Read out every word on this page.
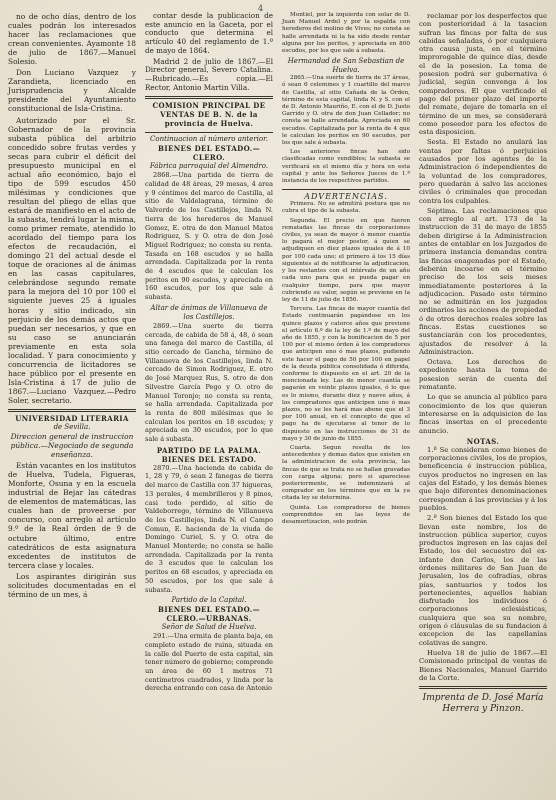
4

no de ocho días, dentro de los cuales podrán los interesados hacer las reclamaciones que crean convenientes. Ayamonte 18 de julio de 1867.—Manuel Solesio.

Don Luciano Vazquez y Zarandieta, licenciado en Jurisprudencia y Alcalde presidente del Ayuntamiento constitucional de Isla-Cristina.

Autorizado por el Sr. Gobernador de la provincia subasta pública del arbitrio concedido sobre frutas verdes y secas para cubrir el déficit del presupuesto municipal en el actual año económico, bajo el tipo de 599 escudos 450 milésimas y condiciones que resultan del pliego de ellas que estará de manifiesto en el acto de la subasta, tendrá lugar la misma, como primer remate, atendido lo acordado del tiempo para los efectos de recaudación, el domingo 21 del actual desde el toque de oraciones al de ánimas en las casas capitulares, celebrándose segundo remate para la mejora del 10 por 100 el siguiente jueves 25 á iguales horas y sitio indicado, sin perjuicio de los demás actos que puedan ser necesarios, y que en su caso se anunciarán previamente en esta sola localidad. Y para conocimiento y concurrencia de licitadores se hace público por el presente en Isla-Cristina á 17 de julio de 1867.—Luciano Vazquez.—Pedro Soler, secretario.

UNIVERSIDAD LITERARIA
de Sevilla.

Direccion general de instruccion pública.—Negociado de segunda enseñanza.

Están vacantes en los institutos de Huelva, Tudela, Figueras, Monforte, Osuna y en la escuela industrial de Bejar las cátedras de elementos de matemáticas, las cuales han de proveerse por concurso, con arreglo al artículo 9.º de la Real órden de 9 de octubre último, entre catedráticos de esta asignatura excedentes de institutos de tercera clase y locales.

Los aspirantes dirigirán sus solicitudes documentadas en el término de un mes, á

contar desde la publicacion de este anuncio en la Gaceta, por el conducto que determina el artículo 40 del reglamento de 1.º de mayo de 1864.

Madrid 2 de julio de 1867.—El Director general, Severo Catalina.—Rubricado.—Es copia.—El Rector, Antonio Martin Villa.

COMISION PRINCIPAL DE VENTAS DE B. N. de la provincia de Huelva.
Continuacion al número anterior.
BIENES DEL ESTADO.—CLERO.
Fábrica parroquial del Almendro.

2868.—Una partida de tierra de calidad de 48 áreas, 29 mesas, 4 area y 9 céntimos del marco de Castilla, al sitio de Valdelagrana, término de Valverde de los Castillejos, linda N. tierra de los herederos de Manuel Gomez, E. otra de don Manuel Matos Rodriguez, S. y O. otra de don José Miguel Rodriguez; no consta su renta. Tasada en 168 escudos y se halla arrendada. Capitalizada por la renta de 4 escudos que le calculan los peritos en 90 escudos, y apreciada en 160 escudos, por los que sale á subasta.

Altar de ánimas de Villanueva de los Castillejos.

2869.—Una suerte de tierra cercada, de cabida de 58 á, 48, ó sean una fanega del marco de Castilla, al sitio cercado de Gancha, término de Villanueva de los Castillejos, linda N. cercado de Simon Rodriguez, E. otro de José Marquez Rus, S. otro de don Silvestre García Pego y O. otro de Manuel Toronjo; no consta su renta, se halla arrendada. Capitalizada por la renta de 800 milésimas que le calculan los peritos en 18 escudos; y apreciada en 30 escudos, por lo que sale á subasta.

PARTIDO DE LA PALMA.
BIENES DEL ESTADO.

2870.—Una hacienda de cabida de 1, 28 y 79, ó sean 2 fanegas de tierra del marco de Castilla con 37 higueras, 13 perales, 4 membrilleros y 8 pinos, casi todo perdido, al sitio de Valdeborrego, término de Villanueva de los Castillejos, linda N. el Campo Comun, E. hacienda de la viuda de Domingo Curiel, S. y O. otra de Manuel Monterde; no consta se halle arrendada. Capitalizada por la renta de 3 escudos que le calculan los peritos en 68 escudos, y apreciada en 50 escudos, por los que sale á subasta.

Partido de la Capital.
BIENES DEL ESTADO.—CLERO.—URBANAS.
Señor de Salud de Huelva.

291.—Una ermita de planta baja, en completo estado de ruina, situada en la calle del Puerto de esta capital, sin tener número de gobierno; comprende un área de 60 1 metros 71 centímetros cuadrados, y linda por la derecha entrando con casa de Antonio

Montiel, por la izquierda con solar de D. Juan Manuel Ardel y por la espalda con herederos del molino de Vives; no consta se halle arrendada ni la ha sido desde rentar alguna por los peritos, y apreciada en 800 escudos, por los que sale á subasta.

Hermandad de San Sebastian de Huelva.

2865.—Una suerte de tierra de 37 áreas, ó sean 6 celemines y 1 cuartillo del marco de Castilla, al sitio Cañada de la Órden, término de esta capital, linda N. y S. con el de D. Antonio Mauriño, E. con el de D. Justo Garrido y O. otra de don Juan Cellador; no consta se halle arrendada. Apreciada en 60 escudos. Capitalizada por la renta de 4 que le calculan los peritos en 90 escudos, por los que sale á subasta.

Los anteriores fincas han sido clasificadas como vendibles; la subasta se verificará en el mismo día y hora en esta capital y ante los Señores Jueces de 1.ª instancia de los respectivos partidos.

ADVERTENCIAS.

Primera. No se admitirá postura que no cubra el tipo de la subasta.

Segunda. El precio en que fueren rematadas las fincas de corporaciones civiles, ya sean de mayor ó menor cuantía lo pagará el mejor postor, á quien se adjudiquen en diez plazos iguales de á 10 por 100 cada uno; el primero á los 15 días siguientes al de notificarse la adjudicacion, y los restantes con el intérvalo de un año cada uno para que se pueda pagar en cualquier tiempo, para que mayor cubriendo su valor, según se previene en la ley de 11 de julio de 1856.

Tercera. Las fincas de mayor cuantía del Estado continuarán pagándose en los quince plazos y catorce años que previene el artículo 6.º de la ley de 1.º de mayo del año de 1855, y con la bonificacion de 5 por 100 por el mismo órden á los compradores que anticipen uno ó mas plazos, pudiendo este hacer el pago de 50 por 100 en papel de la deuda pública consolidada ó diferida, conforme lo dispuesto en el art. 20 de la mencionada ley. Las de menor cuantía se pagarán en veinte plazos iguales, ó lo que es lo mismo, durante diez y nueve años, á los compradores que anticipen uno ó mas plazos, no se les hará mas abono que el 3 por 100 anual, en el concepto de que el pago ha de ejecutarse al tenor de lo dispuesto en las instrucciones de 31 de mayo y 30 de junio de 1855.

Cuarta. Segun resulta de los antecedentes y demas datos que existen en la administracion de esta provincia, las fincas de que se trata no se hallan gravadas con carga alguna; pero si apareciese posteriormente, se indemnizará al comprador en los términos que en la ya citada ley se determina.

Quinta. Los compradores de bienes comprendidos en las leyes de desamortizacion, solo podrán

reclamar por los desperfectos que con posterioridad á la tasacion sufran las fincas por falta de sus cabidas señaladas, ó por cualquiera otra causa justa, en el término improrogable de quince días, desde el de la posesion. La toma de posesion podrá ser gubernativa ó judicial, según convenga á los compradores. El que verificado el pago del primer plazo del importe del remate, dejare de tomarla en el término de un mes, se considerará como poseedor para los efectos de esta disposicion.

Sesta. El Estado no anulará las ventas por faltas ó perjuicios causados por los agentes de la Administracion ó independientes de la voluntad de los compradores, pero quedarán á salvo las acciones civiles ó criminales que procedan contra los culpables.

Séptima. Las reclamaciones que con arreglo al art. 173 de la instruccion de 31 de mayo de 1855 deben dirigirse á la Administracion antes de entablar en los Juzgados de primera instancia demandas contra las fincas enagenadas por el Estado, deberán incoarse en el término preciso de los seis meses inmediatamente posteriores á la adjudicacion. Pasado este término no se admitirán en los juzgados ordinarios las acciones de propiedad ó de otros derechos reales sobre las fincas. Estas cuestiones se sustanciarán con los procedentes, ajustados de resolver á la Administracion.

Octava. Los derechos de expediente hasta la toma de posesion serán de cuenta del rematante.

Lo que se anuncia al público para conocimiento de los que quieran interesarse en la adquisicion de las fincas insertas en el precedente anuncio.

NOTAS.

1.ª Se consideran como bienes de corporaciones civiles, los de propios, beneficencia é instruccion pública, cuyos productos no ingresen en las cajas del Estado, y los demás bienes que bajo diferentes denominaciones correspondan á las provincias y á los pueblos.

2.ª Son bienes del Estado los que llevan este nombre, los de instruccion pública superior, cuyos productos ingresen en las cajas del Estado, los del secuestro del ex-infante don Carlos, los de las órdenes militares de San Juan de Jerusalen, los de cofradías, obras pías, santuarios y todos los pertenecientes, aquellos habian disfrutado los individuos ó corporaciones eclesiásticas, cualquiera que sea su nombre, origen ó cláusulas de su fundacion á excepcion de las capellanías colativas de sangre.

Huelva 18 de julio de 1867.—El Comisionado principal de ventas de Bienes Nacionales, Manuel Garrido de la Corte.

Imprenta de D. José María
Herrera y Pinzon.
